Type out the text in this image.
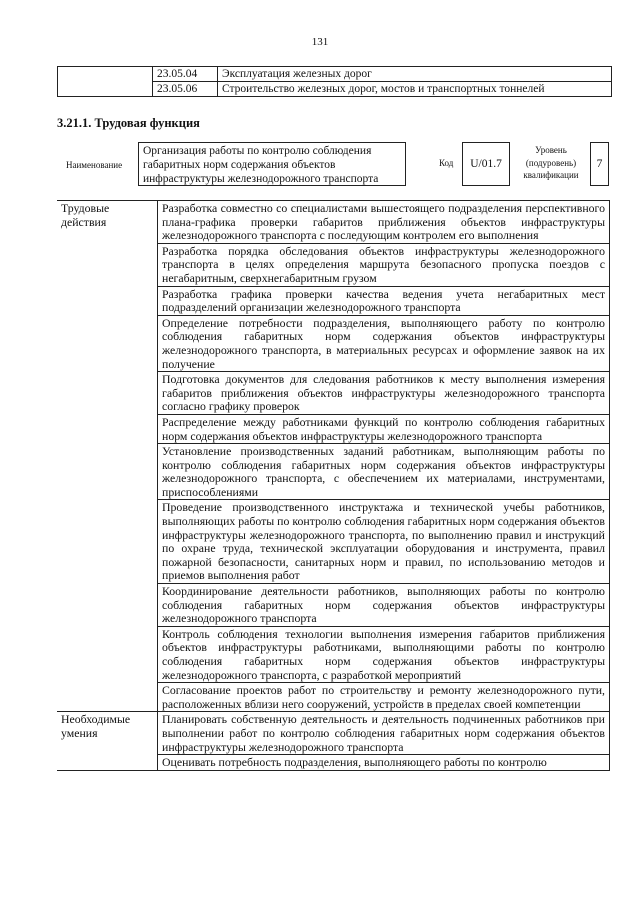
131
	23.05.04	Эксплуатация железных дорог
	23.05.06	Строительство железных дорог, мостов и транспортных тоннелей
3.21.1. Трудовая функция
Наименование
Организация работы по контролю соблюдения габаритных норм содержания объектов инфраструктуры железнодорожного транспорта
Код	U/01.7
Уровень (подуровень) квалификации
7
Трудовые действия	Разработка совместно со специалистами вышестоящего подразделения перспективного плана-графика проверки габаритов приближения объектов инфраструктуры железнодорожного транспорта с последующим контролем его выполнения
	Разработка порядка обследования объектов инфраструктуры железнодорожного транспорта в целях определения маршрута безопасного пропуска поездов с негабаритным, сверхнегабаритным грузом
	Разработка графика проверки качества ведения учета негабаритных мест подразделений организации железнодорожного транспорта
	Определение потребности подразделения, выполняющего работу по контролю соблюдения габаритных норм содержания объектов инфраструктуры железнодорожного транспорта, в материальных ресурсах и оформление заявок на их получение
	Подготовка документов для следования работников к месту выполнения измерения габаритов приближения объектов инфраструктуры железнодорожного транспорта согласно графику проверок
	Распределение между работниками функций по контролю соблюдения габаритных норм содержания объектов инфраструктуры железнодорожного транспорта
	Установление производственных заданий работникам, выполняющим работы по контролю соблюдения габаритных норм содержания объектов инфраструктуры железнодорожного транспорта, с обеспечением их материалами, инструментами, приспособлениями
	Проведение производственного инструктажа и технической учебы работников, выполняющих работы по контролю соблюдения габаритных норм содержания объектов инфраструктуры железнодорожного транспорта, по выполнению правил и инструкций по охране труда, технической эксплуатации оборудования и инструмента, правил пожарной безопасности, санитарных норм и правил, по использованию методов и приемов выполнения работ
	Координирование деятельности работников, выполняющих работы по контролю соблюдения габаритных норм содержания объектов инфраструктуры железнодорожного транспорта
	Контроль соблюдения технологии выполнения измерения габаритов приближения объектов инфраструктуры работниками, выполняющими работы по контролю соблюдения габаритных норм содержания объектов инфраструктуры железнодорожного транспорта, с разработкой мероприятий
	Согласование проектов работ по строительству и ремонту железнодорожного пути, расположенных вблизи него сооружений, устройств в пределах своей компетенции
Необходимые умения	Планировать собственную деятельность и деятельность подчиненных работников при выполнении работ по контролю соблюдения габаритных норм содержания объектов инфраструктуры железнодорожного транспорта
	Оценивать потребность подразделения, выполняющего работы по контролю
